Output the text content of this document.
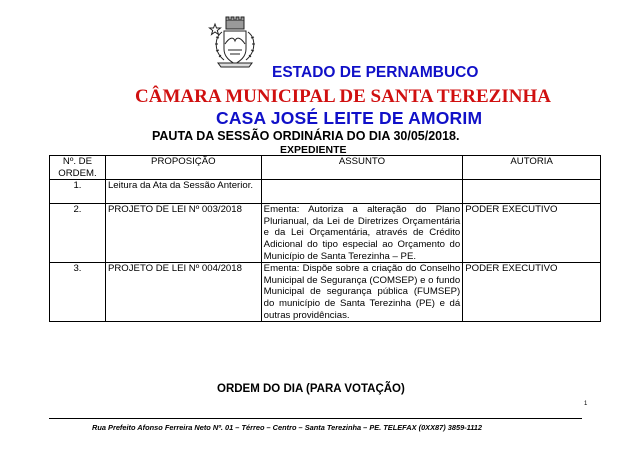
ESTADO DE PERNAMBUCO
CÂMARA MUNICIPAL DE SANTA TEREZINHA
CASA JOSÉ LEITE DE AMORIM
PAUTA DA SESSÃO ORDINÁRIA DO DIA 30/05/2018.
EXPEDIENTE
Nº. DE ORDEM.	PROPOSIÇÃO	ASSUNTO	AUTORIA
1.	Leitura da Ata da Sessão Anterior.		
2.	PROJETO DE LEI Nº 003/2018	Ementa: Autoriza a alteração do Plano Plurianual, da Lei de Diretrizes Orçamentária e da Lei Orçamentária, através de Crédito Adicional do tipo especial ao Orçamento do Município de Santa Terezinha – PE.	PODER EXECUTIVO
3.	PROJETO DE LEI Nº 004/2018	Ementa: Dispõe sobre a criação do Conselho Municipal de Segurança (COMSEP) e o fundo Municipal de segurança pública (FUMSEP) do município de Santa Terezinha (PE) e dá outras providências.	PODER EXECUTIVO
ORDEM DO DIA (PARA VOTAÇÃO)
1
Rua Prefeito Afonso Ferreira Neto Nº. 01 – Térreo – Centro – Santa Terezinha – PE. TELEFAX (0XX87) 3859-1112
